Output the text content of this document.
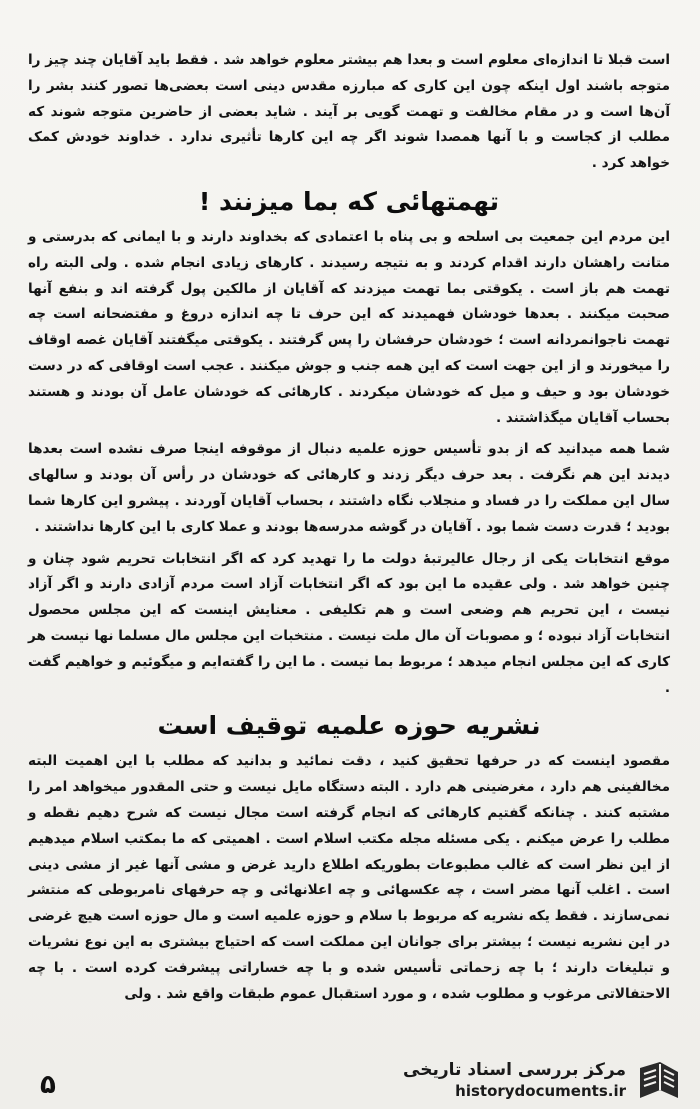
است قبلا تا اندازه‌ای معلوم است و بعدا هم بیشتر معلوم خواهد شد . فقط باید آقایان چند چیز را متوجه باشند اول اینکه چون این کاری که مبارزه مقدس دینی است بعضی‌ها تصور کنند بشر را آن‌ها است و در مقام مخالفت و تهمت گویی بر آیند . شاید بعضی از حاضرین متوجه شوند که مطلب از کجاست و با آنها همصدا شوند اگر چه این کارها تأثیری ندارد . خداوند خودش کمک خواهد کرد .

تهمتهائی که بما میزنند !

این مردم این جمعیت بی اسلحه و بی پناه با اعتمادی که بخداوند دارند و با ایمانی که بدرستی و متانت راهشان دارند اقدام کردند و به نتیجه رسیدند . کارهای زیادی انجام شده . ولی البته راه تهمت هم باز است . یکوقتی بما تهمت میزدند که آقایان از مالکین پول گرفته اند و بنفع آنها صحبت میکنند . بعدها خودشان فهمیدند که این حرف تا چه اندازه دروغ و مفتضحانه است چه تهمت ناجوانمردانه است ؛ خودشان حرفشان را پس گرفتند . یکوقتی میگفتند آقایان غصه اوقاف را میخورند و از این جهت است که این همه جنب و جوش میکنند . عجب است اوقافی که در دست خودشان بود و حیف و میل که خودشان میکردند . کارهائی که خودشان عامل آن بودند و هستند بحساب آقایان میگذاشتند .

شما همه میدانید که از بدو تأسیس حوزه علمیه دنبال از موقوفه اینجا صرف نشده است بعدها دیدند این هم نگرفت . بعد حرف دیگر زدند و کارهائی که خودشان در رأس آن بودند و سالهای سال این مملکت را در فساد و منجلاب نگاه داشتند ، بحساب آقایان آوردند . پیشرو این کارها شما بودید ؛ قدرت دست شما بود . آقایان در گوشه مدرسه‌ها بودند و عملا کاری با این کارها نداشتند .

موقع انتخابات یکی از رجال عالیرتبهٔ دولت ما را تهدید کرد که اگر انتخابات تحریم شود چنان و چنین خواهد شد . ولی عقیده ما این بود که اگر انتخابات آزاد است مردم آزادی دارند و اگر آزاد نیست ، این تحریم هم وضعی است و هم تکلیفی . معنایش اینست که این مجلس محصول انتخابات آزاد نبوده ؛ و مصوبات آن مال ملت نیست . منتخبات این مجلس مال مسلما نها نیست هر کاری که این مجلس انجام میدهد ؛ مربوط بما نیست . ما این را گفته‌ایم و میگوئیم و خواهیم گفت .

نشریه حوزه علمیه توقیف است

مقصود اینست که در حرفها تحقیق کنید ، دقت نمائید و بدانید که مطلب با این اهمیت البته مخالفینی هم دارد ، مغرضینی هم دارد . البته دستگاه مایل نیست و حتی المقدور میخواهد امر را مشتبه کنند . چنانکه گفتیم کارهائی که انجام گرفته است مجال نیست که شرح دهیم نقطه و مطلب را عرض میکنم . یکی مسئله مجله مکتب اسلام است . اهمیتی که ما بمکتب اسلام میدهیم از این نظر است که غالب مطبوعات بطوریکه اطلاع دارید غرض و مشی آنها غیر از مشی دینی است . اغلب آنها مضر است ، چه عکسهائی و چه اعلانهائی و چه حرفهای نامربوطی که منتشر نمی‌سازند . فقط یکه نشریه که مربوط با سلام و حوزه علمیه است و مال حوزه است هیچ غرضی در این نشریه نیست ؛ بیشتر برای جوانان این مملکت است که احتیاج بیشتری به این نوع نشریات و تبلیغات دارند ؛ با چه زحماتی تأسیس شده و با چه خساراتی پیشرفت کرده است . با چه الاحتفالاتی مرغوب و مطلوب شده ، و مورد استقبال عموم طبقات واقع شد . ولی

۵	مرکز بررسی اسناد تاریخی
historydocuments.ir
